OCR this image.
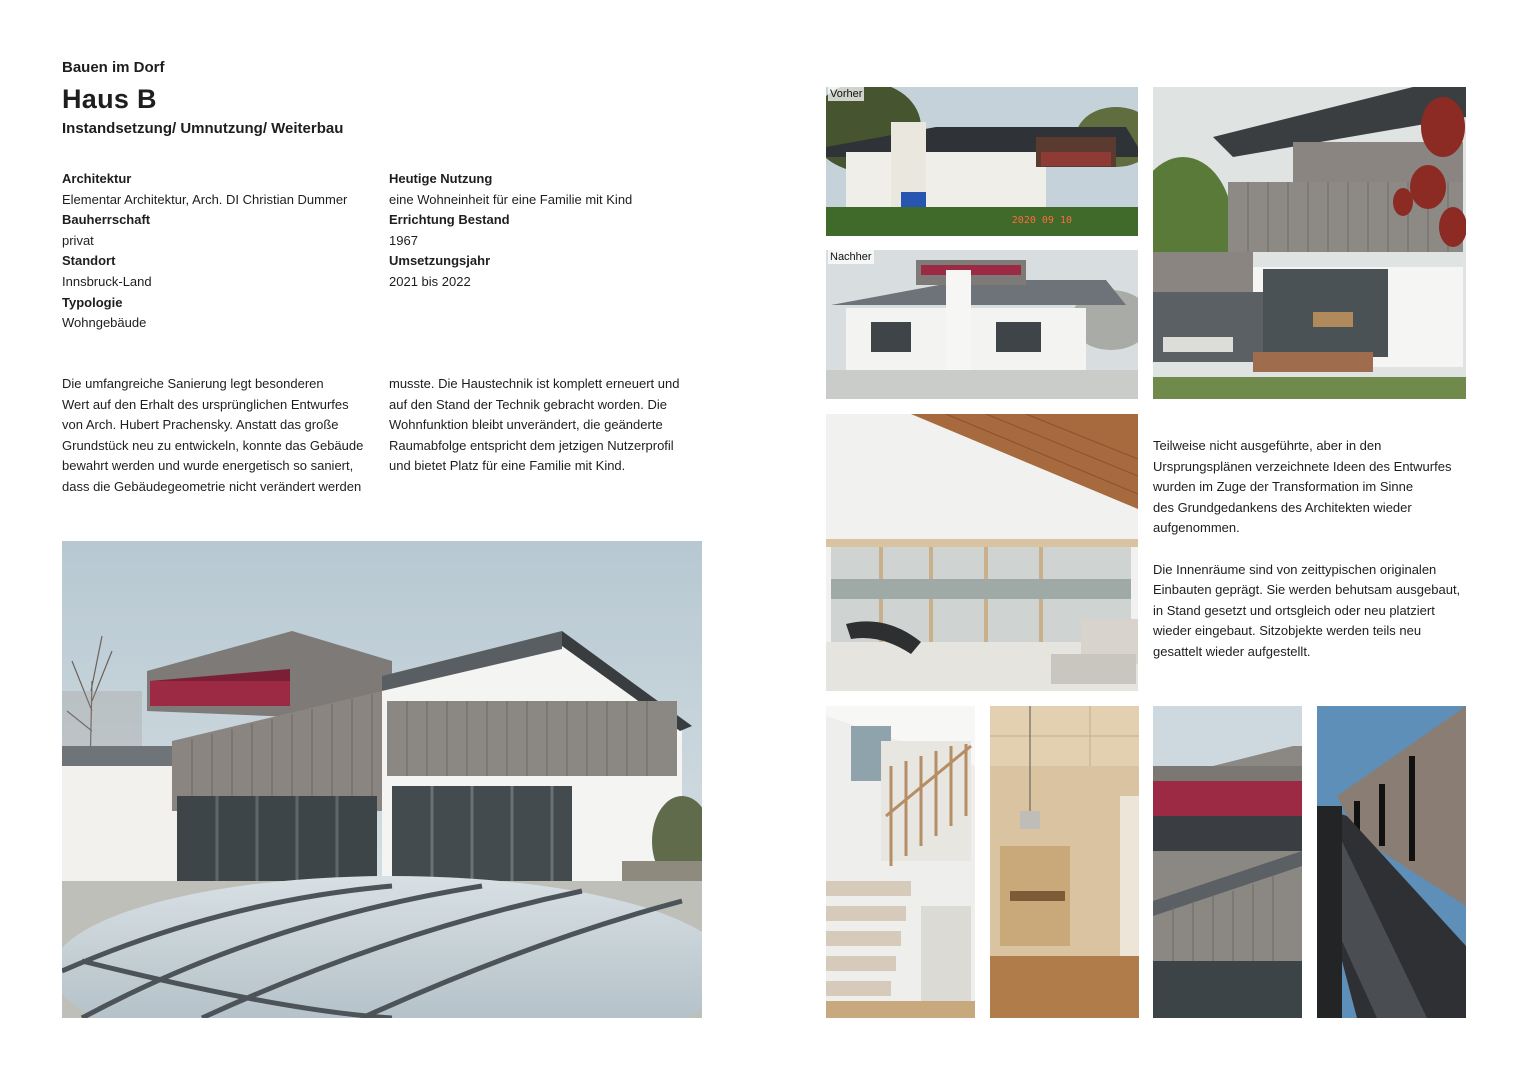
Bauen im Dorf
Haus B
Instandsetzung/ Umnutzung/ Weiterbau
Architektur
Elementar Architektur, Arch. DI Christian Dummer
Bauherrschaft
privat
Standort
Innsbruck-Land
Typologie
Wohngebäude
Heutige Nutzung
eine Wohneinheit für eine Familie mit Kind
Errichtung Bestand
1967
Umsetzungsjahr
2021 bis 2022
Die umfangreiche Sanierung legt besonderen
Wert auf den Erhalt des ursprünglichen Entwurfes
von Arch. Hubert Prachensky. Anstatt das große
Grundstück neu zu entwickeln, konnte das Gebäude
bewahrt werden und wurde energetisch so saniert,
dass die Gebäudegeometrie nicht verändert werden
musste. Die Haustechnik ist komplett erneuert und
auf den Stand der Technik gebracht worden. Die
Wohnfunktion bleibt unverändert, die geänderte
Raumabfolge entspricht dem jetzigen Nutzerprofil
und bietet Platz für eine Familie mit Kind.
Vorher
2020 09 10
Nachher

Teilweise nicht ausgeführte, aber in den
Ursprungsplänen verzeichnete Ideen des Entwurfes
wurden im Zuge der Transformation im Sinne
des Grundgedankens des Architekten wieder
aufgenommen.

Die Innenräume sind von zeittypischen originalen
Einbauten geprägt. Sie werden behutsam ausgebaut,
in Stand gesetzt und ortsgleich oder neu platziert
wieder eingebaut. Sitzobjekte werden teils neu
gesattelt wieder aufgestellt.
